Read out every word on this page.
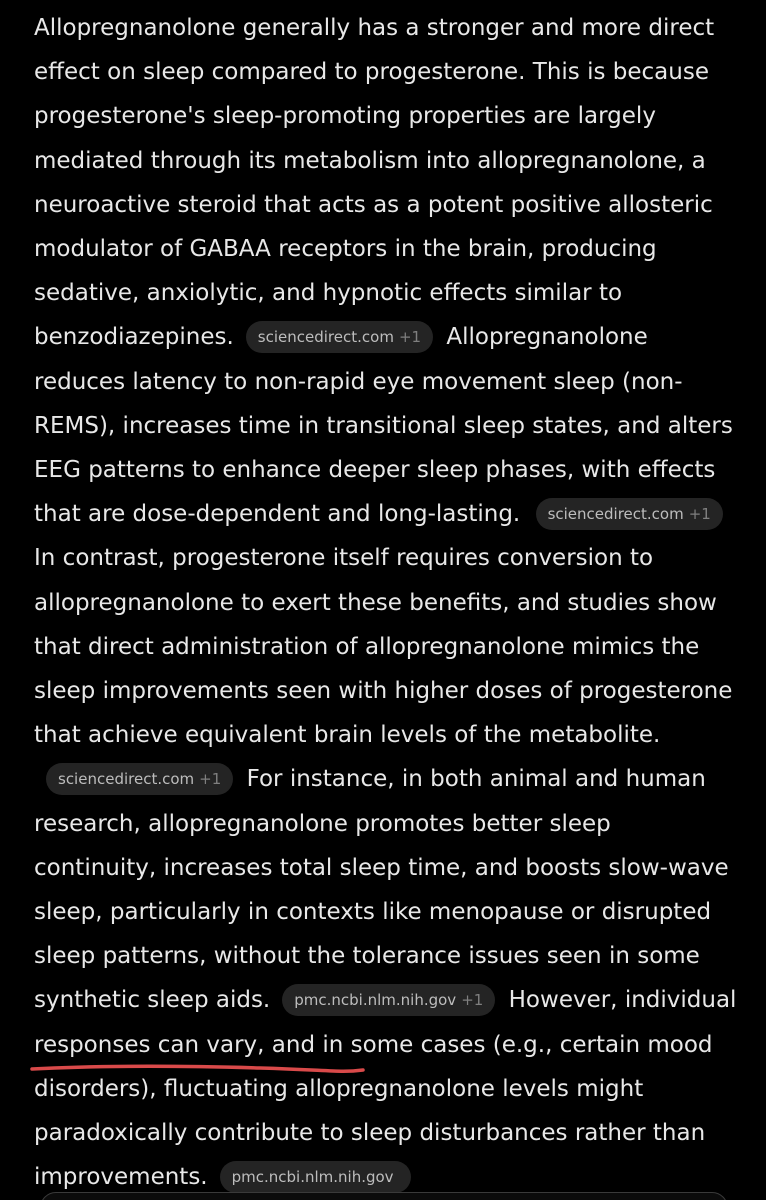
Allopregnanolone generally has a stronger and more direct effect on sleep compared to progesterone. This is because progesterone's sleep-promoting properties are largely mediated through its metabolism into allopregnanolone, a neuroactive steroid that acts as a potent positive allosteric modulator of GABAA receptors in the brain, producing sedative, anxiolytic, and hypnotic effects similar to benzodiazepines. sciencedirect.com +1 Allopregnanolone reduces latency to non-rapid eye movement sleep (non-REMS), increases time in transitional sleep states, and alters EEG patterns to enhance deeper sleep phases, with effects that are dose-dependent and long-lasting. sciencedirect.com +1 In contrast, progesterone itself requires conversion to allopregnanolone to exert these benefits, and studies show that direct administration of allopregnanolone mimics the sleep improvements seen with higher doses of progesterone that achieve equivalent brain levels of the metabolite.sciencedirect.com +1 For instance, in both animal and human research, allopregnanolone promotes better sleep continuity, increases total sleep time, and boosts slow-wave sleep, particularly in contexts like menopause or disrupted sleep patterns, without the tolerance issues seen in some synthetic sleep aids. pmc.ncbi.nlm.nih.gov +1 However, individual responses can vary, and in some cases (e.g., certain mood disorders), fluctuating allopregnanolone levels might paradoxically contribute to sleep disturbances rather than improvements. pmc.ncbi.nlm.nih.gov
